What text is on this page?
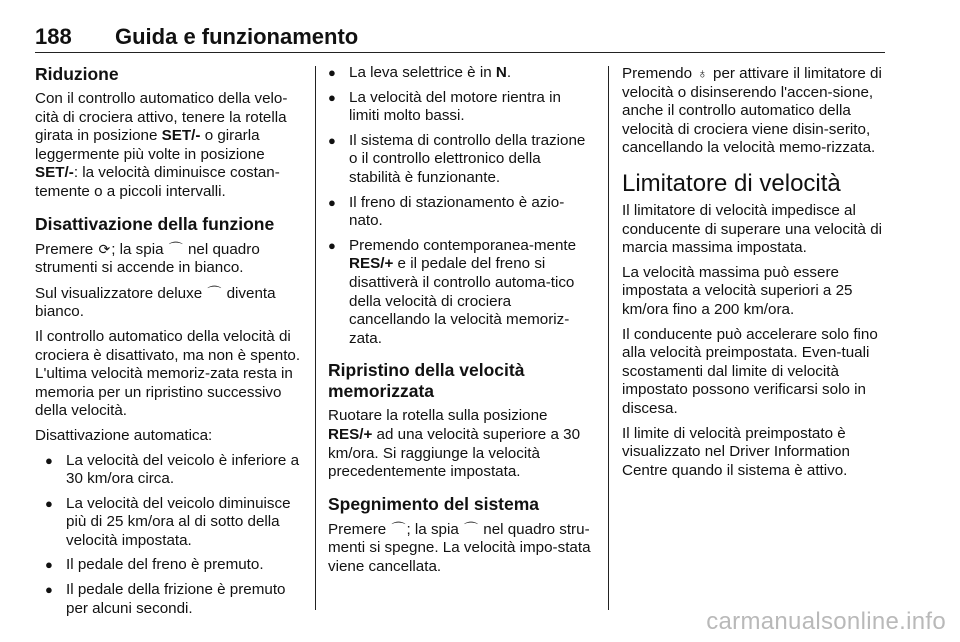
188 Guida e funzionamento
Riduzione

Con il controllo automatico della velo-cità di crociera attivo, tenere la rotella girata in posizione SET/- o girarla leggermente più volte in posizione SET/-: la velocità diminuisce costan-temente o a piccoli intervalli.

Disattivazione della funzione

Premere ⟳; la spia ⌒ nel quadro strumenti si accende in bianco.

Sul visualizzatore deluxe ⌒ diventa bianco.

Il controllo automatico della velocità di crociera è disattivato, ma non è spento. L'ultima velocità memoriz-zata resta in memoria per un ripristino successivo della velocità.

Disattivazione automatica:

● La velocità del veicolo è inferiore a 30 km/ora circa.
● La velocità del veicolo diminuisce più di 25 km/ora al di sotto della velocità impostata.
● Il pedale del freno è premuto.
● Il pedale della frizione è premuto per alcuni secondi.
● La leva selettrice è in N.
● La velocità del motore rientra in limiti molto bassi.
● Il sistema di controllo della trazione o il controllo elettronico della stabilità è funzionante.
● Il freno di stazionamento è azio-nato.
● Premendo contemporanea-mente RES/+ e il pedale del freno si disattiverà il controllo automa-tico della velocità di crociera cancellando la velocità memoriz-zata.
Ripristino della velocità memorizzata

Ruotare la rotella sulla posizione RES/+ ad una velocità superiore a 30 km/ora. Si raggiunge la velocità precedentemente impostata.

Spegnimento del sistema

Premere ⌒; la spia ⌒ nel quadro stru-menti si spegne. La velocità impo-stata viene cancellata.

Premendo ♁ per attivare il limitatore di velocità o disinserendo l'accen-sione, anche il controllo automatico della velocità di crociera viene disin-serito, cancellando la velocità memo-rizzata.

Limitatore di velocità

Il limitatore di velocità impedisce al conducente di superare una velocità di marcia massima impostata.

La velocità massima può essere impostata a velocità superiori a 25 km/ora fino a 200 km/ora.

Il conducente può accelerare solo fino alla velocità preimpostata. Even-tuali scostamenti dal limite di velocità impostato possono verificarsi solo in discesa.

Il limite di velocità preimpostato è visualizzato nel Driver Information Centre quando il sistema è attivo.

carmanualsonline.info
